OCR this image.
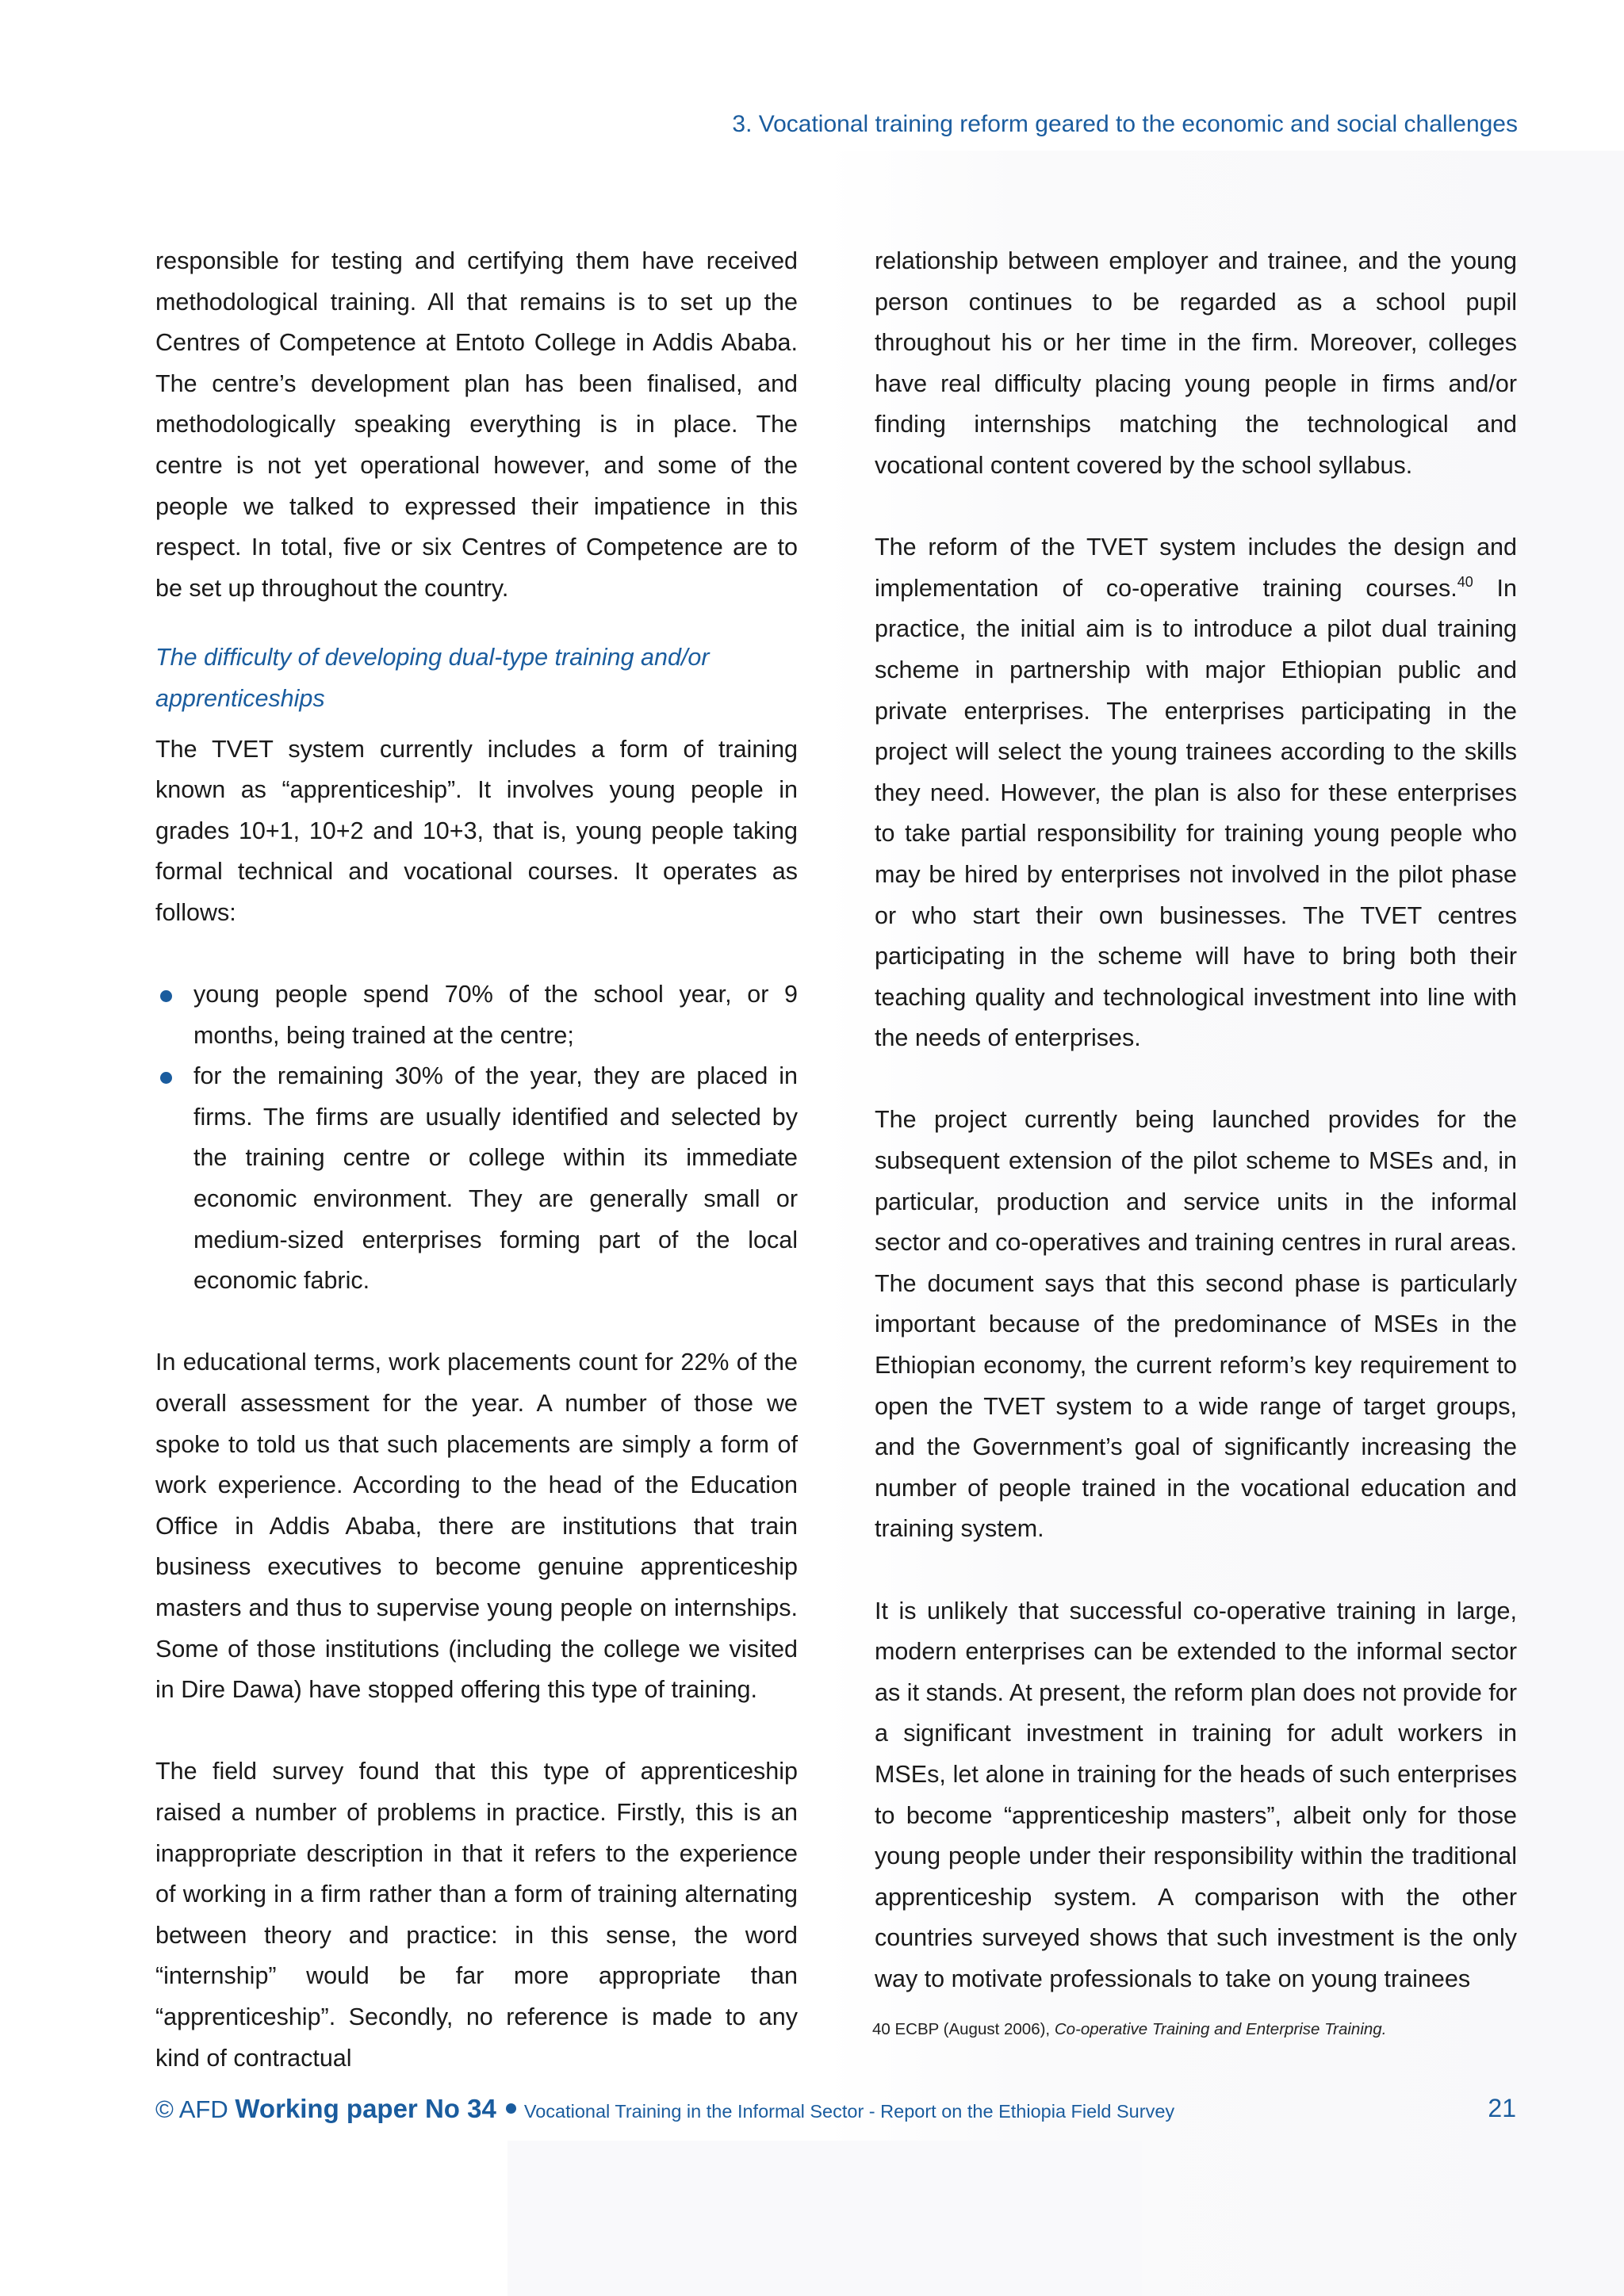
3. Vocational training reform geared to the economic and social challenges

responsible for testing and certifying them have received methodological training. All that remains is to set up the Centres of Competence at Entoto College in Addis Ababa. The centre’s development plan has been finalised, and methodologically speaking everything is in place. The centre is not yet operational however, and some of the people we talked to expressed their impatience in this respect. In total, five or six Centres of Competence are to be set up throughout the country.

The difficulty of developing dual-type training and/or apprenticeships

The TVET system currently includes a form of training known as “apprenticeship”. It involves young people in grades 10+1, 10+2 and 10+3, that is, young people taking formal technical and vocational courses. It operates as follows:

young people spend 70% of the school year, or 9 months, being trained at the centre;
for the remaining 30% of the year, they are placed in firms. The firms are usually identified and selected by the training centre or college within its immediate economic environment. They are generally small or medium-sized enterprises forming part of the local economic fabric.

In educational terms, work placements count for 22% of the overall assessment for the year. A number of those we spoke to told us that such placements are simply a form of work experience. According to the head of the Education Office in Addis Ababa, there are institutions that train business executives to become genuine apprenticeship masters and thus to supervise young people on internships. Some of those institutions (including the college we visited in Dire Dawa) have stopped offering this type of training.

The field survey found that this type of apprenticeship raised a number of problems in practice. Firstly, this is an inappropriate description in that it refers to the experience of working in a firm rather than a form of training alternating between theory and practice: in this sense, the word “internship” would be far more appropriate than “apprenticeship”. Secondly, no reference is made to any kind of contractual

relationship between employer and trainee, and the young person continues to be regarded as a school pupil throughout his or her time in the firm. Moreover, colleges have real difficulty placing young people in firms and/or finding internships matching the technological and vocational content covered by the school syllabus.

The reform of the TVET system includes the design and implementation of co-operative training courses.$^{40}$ In practice, the initial aim is to introduce a pilot dual training scheme in partnership with major Ethiopian public and private enterprises. The enterprises participating in the project will select the young trainees according to the skills they need. However, the plan is also for these enterprises to take partial responsibility for training young people who may be hired by enterprises not involved in the pilot phase or who start their own businesses. The TVET centres participating in the scheme will have to bring both their teaching quality and technological investment into line with the needs of enterprises.

The project currently being launched provides for the subsequent extension of the pilot scheme to MSEs and, in particular, production and service units in the informal sector and co-operatives and training centres in rural areas. The document says that this second phase is particularly important because of the predominance of MSEs in the Ethiopian economy, the current reform’s key requirement to open the TVET system to a wide range of target groups, and the Government’s goal of significantly increasing the number of people trained in the vocational education and training system.

It is unlikely that successful co-operative training in large, modern enterprises can be extended to the informal sector as it stands. At present, the reform plan does not provide for a significant investment in training for adult workers in MSEs, let alone in training for the heads of such enterprises to become “apprenticeship masters”, albeit only for those young people under their responsibility within the traditional apprenticeship system. A comparison with the other countries surveyed shows that such investment is the only way to motivate professionals to take on young trainees

40 ECBP (August 2006), Co-operative Training and Enterprise Training.
© AFD Working paper No 34 Vocational Training in the Informal Sector - Report on the Ethiopia Field Survey	21
